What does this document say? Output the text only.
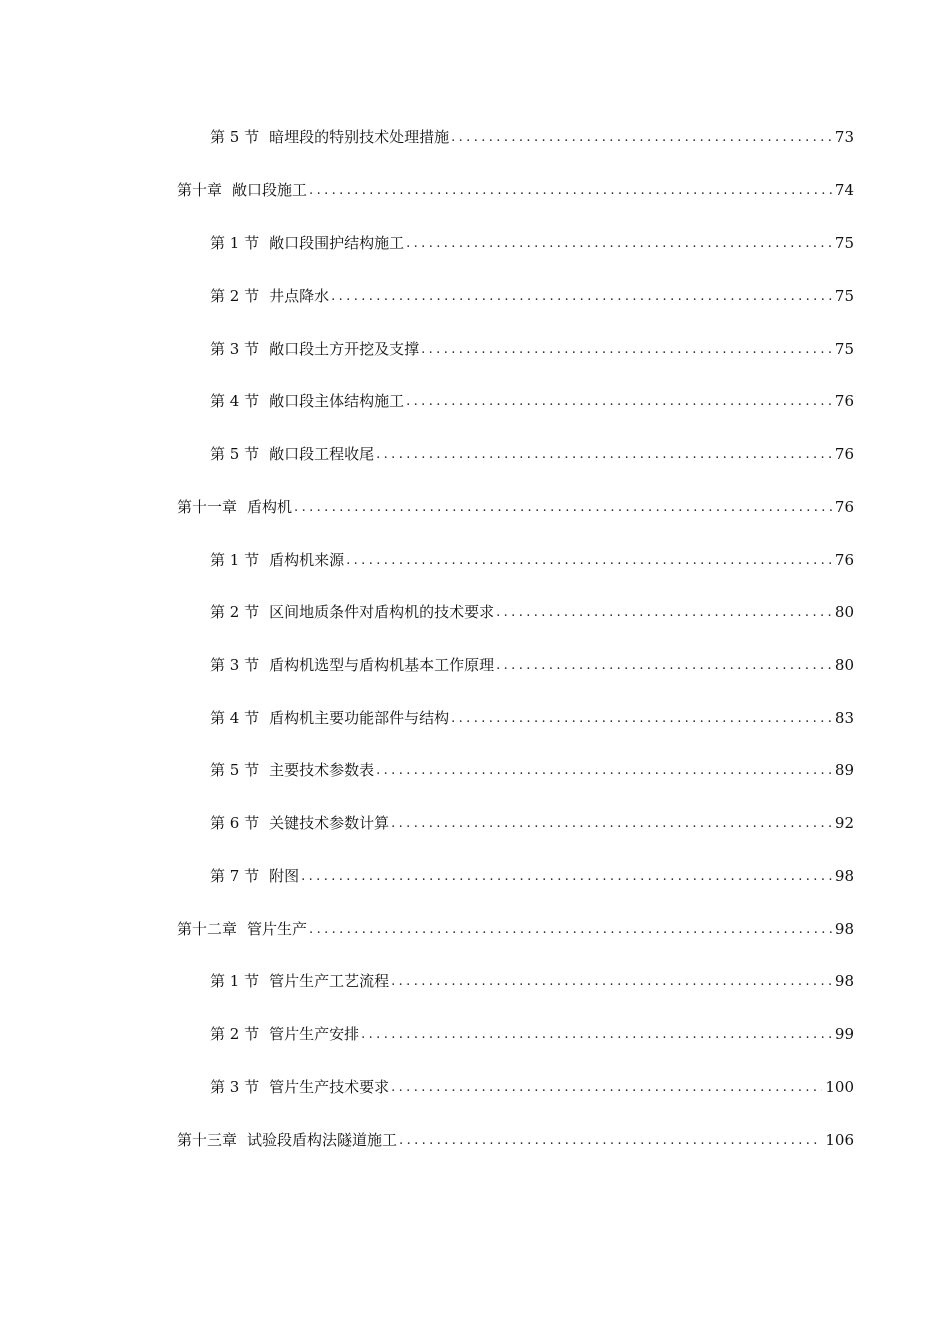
第 5 节 暗埋段的特别技术处理措施 .....	73
第十章 敞口段施工 .....	74
第 1 节 敞口段围护结构施工 .....	75
第 2 节 井点降水 .....	75
第 3 节 敞口段土方开挖及支撑 .....	75
第 4 节 敞口段主体结构施工 .....	76
第 5 节 敞口段工程收尾 .....	76
第十一章 盾构机 .....	76
第 1 节 盾构机来源 .....	76
第 2 节 区间地质条件对盾构机的技术要求 .....	80
第 3 节 盾构机选型与盾构机基本工作原理 .....	80
第 4 节 盾构机主要功能部件与结构 .....	83
第 5 节 主要技术参数表 .....	89
第 6 节 关键技术参数计算 .....	92
第 7 节 附图 .....	98
第十二章 管片生产 .....	98
第 1 节 管片生产工艺流程 .....	98
第 2 节 管片生产安排 .....	99
第 3 节 管片生产技术要求 .....	100
第十三章 试验段盾构法隧道施工 .....	106
